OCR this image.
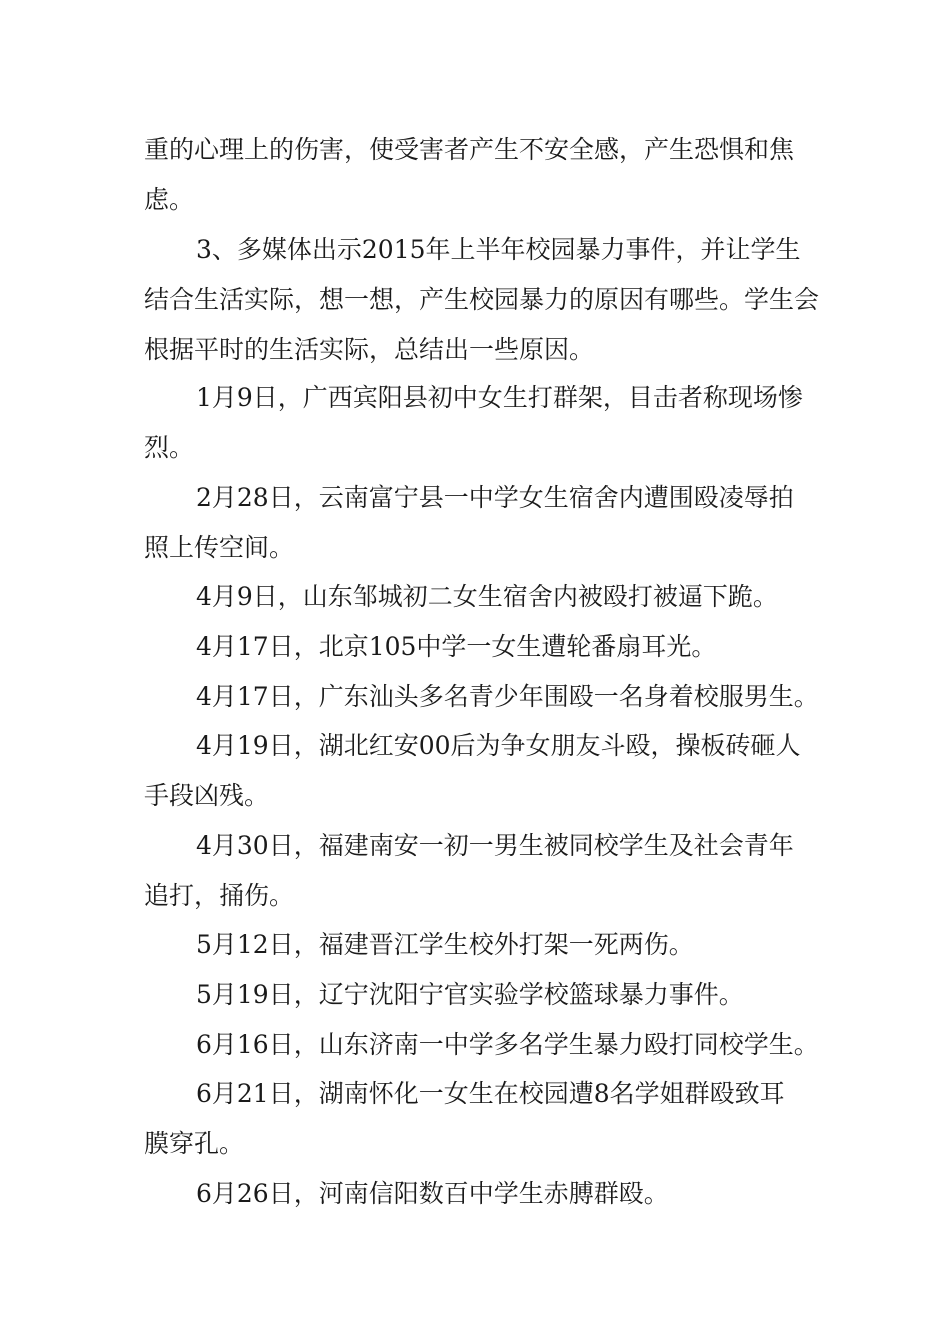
重的心理上的伤害，使受害者产生不安全感，产生恐惧和焦
虑。
3、多媒体出示2015年上半年校园暴力事件，并让学生
结合生活实际，想一想，产生校园暴力的原因有哪些。学生会
根据平时的生活实际，总结出一些原因。
1月9日，广西宾阳县初中女生打群架，目击者称现场惨
烈。
2月28日，云南富宁县一中学女生宿舍内遭围殴凌辱拍
照上传空间。
4月9日，山东邹城初二女生宿舍内被殴打被逼下跪。
4月17日，北京105中学一女生遭轮番扇耳光。
4月17日，广东汕头多名青少年围殴一名身着校服男生。
4月19日，湖北红安00后为争女朋友斗殴，操板砖砸人
手段凶残。
4月30日，福建南安一初一男生被同校学生及社会青年
追打，捅伤。
5月12日，福建晋江学生校外打架一死两伤。
5月19日，辽宁沈阳宁官实验学校篮球暴力事件。
6月16日，山东济南一中学多名学生暴力殴打同校学生。
6月21日，湖南怀化一女生在校园遭8名学姐群殴致耳
膜穿孔。
6月26日，河南信阳数百中学生赤膊群殴。
